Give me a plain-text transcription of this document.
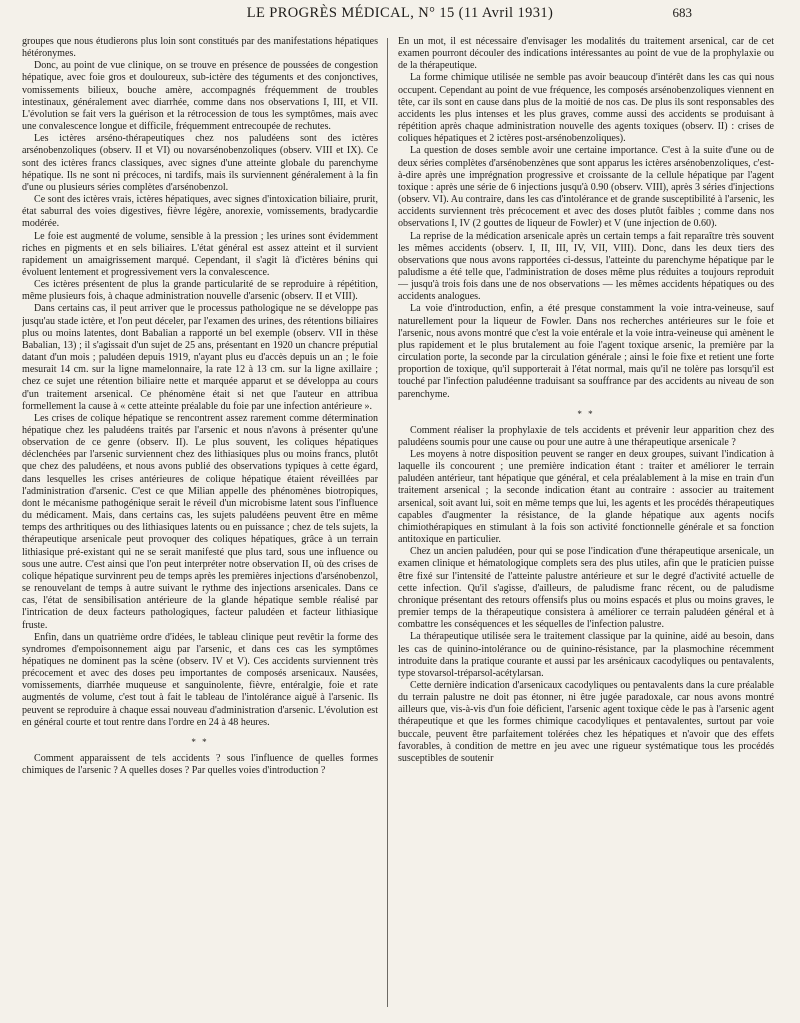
LE PROGRÈS MÉDICAL, N° 15 (11 Avril 1931)	683

groupes que nous étudierons plus loin sont constitués par des manifestations hépatiques hétéronymes.

Donc, au point de vue clinique, on se trouve en présence de poussées de congestion hépatique, avec foie gros et douloureux, sub-ictère des téguments et des conjonctives, vomissements bilieux, bouche amère, accompagnés fréquemment de troubles intestinaux, généralement avec diarrhée, comme dans nos observations I, III, et VII. L'évolution se fait vers la guérison et la rétrocession de tous les symptômes, mais avec une convalescence longue et difficile, fréquemment entrecoupée de rechutes.

Les ictères arséno-thérapeutiques chez nos paludéens sont des ictères arsénobenzoliques (observ. II et VI) ou novarsénobenzoliques (observ. VIII et IX). Ce sont des ictères francs classiques, avec signes d'une atteinte globale du parenchyme hépatique. Ils ne sont ni précoces, ni tardifs, mais ils surviennent généralement à la fin d'une ou plusieurs séries complètes d'arsénobenzol.

Ce sont des ictères vrais, ictères hépatiques, avec signes d'intoxication biliaire, prurit, état saburral des voies digestives, fièvre légère, anorexie, vomissements, bradycardie modérée.

Le foie est augmenté de volume, sensible à la pression ; les urines sont évidemment riches en pigments et en sels biliaires. L'état général est assez atteint et il survient rapidement un amaigrissement marqué. Cependant, il s'agit là d'ictères bénins qui évoluent lentement et progressivement vers la convalescence.

Ces ictères présentent de plus la grande particularité de se reproduire à répétition, même plusieurs fois, à chaque administration nouvelle d'arsenic (observ. II et VIII).

Dans certains cas, il peut arriver que le processus pathologique ne se développe pas jusqu'au stade ictère, et l'on peut déceler, par l'examen des urines, des rétentions biliaires plus ou moins latentes, dont Babalian a rapporté un bel exemple (observ. VII in thèse Babalian, 13) ; il s'agissait d'un sujet de 25 ans, présentant en 1920 un chancre préputial datant d'un mois ; paludéen depuis 1919, n'ayant plus eu d'accès depuis un an ; le foie mesurait 14 cm. sur la ligne mamelonnaire, la rate 12 à 13 cm. sur la ligne axillaire ; chez ce sujet une rétention biliaire nette et marquée apparut et se développa au cours d'un traitement arsenical. Ce phénomène était si net que l'auteur en attribua formellement la cause à « cette atteinte préalable du foie par une infection antérieure ».

Les crises de colique hépatique se rencontrent assez rarement comme détermination hépatique chez les paludéens traités par l'arsenic et nous n'avons à présenter qu'une observation de ce genre (observ. II). Le plus souvent, les coliques hépatiques déclenchées par l'arsenic surviennent chez des lithiasiques plus ou moins francs, plutôt que chez des paludéens, et nous avons publié des observations typiques à cette égard, dans lesquelles les crises antérieures de colique hépatique étaient réveillées par l'administration d'arsenic. C'est ce que Milian appelle des phénomènes biotropiques, dont le mécanisme pathogénique serait le réveil d'un microbisme latent sous l'influence du médicament. Mais, dans certains cas, les sujets paludéens peuvent être en même temps des arthritiques ou des lithiasiques latents ou en puissance ; chez de tels sujets, la thérapeutique arsenicale peut provoquer des coliques hépatiques, grâce à un terrain lithiasique pré-existant qui ne se serait manifesté que plus tard, sous une influence ou sous une autre. C'est ainsi que l'on peut interpréter notre observation II, où des crises de colique hépatique survinrent peu de temps après les premières injections d'arsénobenzol, se renouvelant de temps à autre suivant le rythme des injections arsenicales. Dans ce cas, l'état de sensibilisation antérieure de la glande hépatique semble réalisé par l'intrication de deux facteurs pathologiques, facteur paludéen et facteur lithiasique fruste.

Enfin, dans un quatrième ordre d'idées, le tableau clinique peut revêtir la forme des syndromes d'empoisonnement aigu par l'arsenic, et dans ces cas les symptômes hépatiques ne dominent pas la scène (observ. IV et V). Ces accidents surviennent très précocement et avec des doses peu importantes de composés arsenicaux. Nausées, vomissements, diarrhée muqueuse et sanguinolente, fièvre, entéralgie, foie et rate augmentés de volume, c'est tout à fait le tableau de l'intolérance aiguë à l'arsenic. Ils peuvent se reproduire à chaque essai nouveau d'administration d'arsenic. L'évolution est en général courte et tout rentre dans l'ordre en 24 à 48 heures.

* *

Comment apparaissent de tels accidents ? sous l'influence de quelles formes chimiques de l'arsenic ? A quelles doses ? Par quelles voies d'introduction ?

En un mot, il est nécessaire d'envisager les modalités du traitement arsenical, car de cet examen pourront découler des indications intéressantes au point de vue de la prophylaxie ou de la thérapeutique.

La forme chimique utilisée ne semble pas avoir beaucoup d'intérêt dans les cas qui nous occupent. Cependant au point de vue fréquence, les composés arsénobenzoliques viennent en tête, car ils sont en cause dans plus de la moitié de nos cas. De plus ils sont responsables des accidents les plus intenses et les plus graves, comme aussi des accidents se produisant à répétition après chaque administration nouvelle des agents toxiques (observ. II) : crises de coliques hépatiques et 2 ictères post-arsénobenzoliques).

La question de doses semble avoir une certaine importance. C'est à la suite d'une ou de deux séries complètes d'arsénobenzènes que sont apparus les ictères arsénobenzoliques, c'est-à-dire après une imprégnation progressive et croissante de la cellule hépatique par l'agent toxique : après une série de 6 injections jusqu'à 0.90 (observ. VIII), après 3 séries d'injections (observ. VI). Au contraire, dans les cas d'intolérance et de grande susceptibilité à l'arsenic, les accidents surviennent très précocement et avec des doses plutôt faibles ; comme dans nos observations I, IV (2 gouttes de liqueur de Fowler) et V (une injection de 0.60).

La reprise de la médication arsenicale après un certain temps a fait reparaître très souvent les mêmes accidents (observ. I, II, III, IV, VII, VIII). Donc, dans les deux tiers des observations que nous avons rapportées ci-dessus, l'atteinte du parenchyme hépatique par le paludisme a été telle que, l'administration de doses même plus réduites a toujours reproduit — jusqu'à trois fois dans une de nos observations — les mêmes accidents hépatiques ou des accidents analogues.

La voie d'introduction, enfin, a été presque constamment la voie intra-veineuse, sauf naturellement pour la liqueur de Fowler. Dans nos recherches antérieures sur le foie et l'arsenic, nous avons montré que c'est la voie entérale et la voie intra-veineuse qui amènent le plus rapidement et le plus brutalement au foie l'agent toxique arsenic, la première par la circulation porte, la seconde par la circulation générale ; ainsi le foie fixe et retient une forte proportion de toxique, qu'il supporterait à l'état normal, mais qu'il ne tolère pas lorsqu'il est touché par l'infection paludéenne traduisant sa souffrance par des accidents au niveau de son parenchyme.

* *

Comment réaliser la prophylaxie de tels accidents et prévenir leur apparition chez des paludéens soumis pour une cause ou pour une autre à une thérapeutique arsenicale ?

Les moyens à notre disposition peuvent se ranger en deux groupes, suivant l'indication à laquelle ils concourent ; une première indication étant : traiter et améliorer le terrain paludéen antérieur, tant hépatique que général, et cela préalablement à la mise en train d'un traitement arsenical ; la seconde indication étant au contraire : associer au traitement arsenical, soit avant lui, soit en même temps que lui, les agents et les procédés thérapeutiques capables d'augmenter la résistance, de la glande hépatique aux agents nocifs chimiothérapiques en stimulant à la fois son activité fonctionnelle générale et sa fonction antitoxique en particulier.

Chez un ancien paludéen, pour qui se pose l'indication d'une thérapeutique arsenicale, un examen clinique et hématologique complets sera des plus utiles, afin que le praticien puisse être fixé sur l'intensité de l'atteinte palustre antérieure et sur le degré d'activité actuelle de cette infection. Qu'il s'agisse, d'ailleurs, de paludisme franc récent, ou de paludisme chronique présentant des retours offensifs plus ou moins espacés et plus ou moins graves, le premier temps de la thérapeutique consistera à améliorer ce terrain paludéen général et à combattre les conséquences et les séquelles de l'infection palustre.

La thérapeutique utilisée sera le traitement classique par la quinine, aidé au besoin, dans les cas de quinino-intolérance ou de quinino-résistance, par la plasmochine récemment introduite dans la pratique courante et aussi par les arsénicaux cacodyliques ou pentavalents, type stovarsol-tréparsol-acétylarsan.

Cette dernière indication d'arsenicaux cacodyliques ou pentavalents dans la cure préalable du terrain palustre ne doit pas étonner, ni être jugée paradoxale, car nous avons montré ailleurs que, vis-à-vis d'un foie déficient, l'arsenic agent toxique cède le pas à l'arsenic agent thérapeutique et que les formes chimique cacodyliques et pentavalentes, surtout par voie buccale, peuvent être parfaitement tolérées chez les hépatiques et n'avoir que des effets favorables, à condition de mettre en jeu avec une rigueur systématique tous les procédés susceptibles de soutenir
